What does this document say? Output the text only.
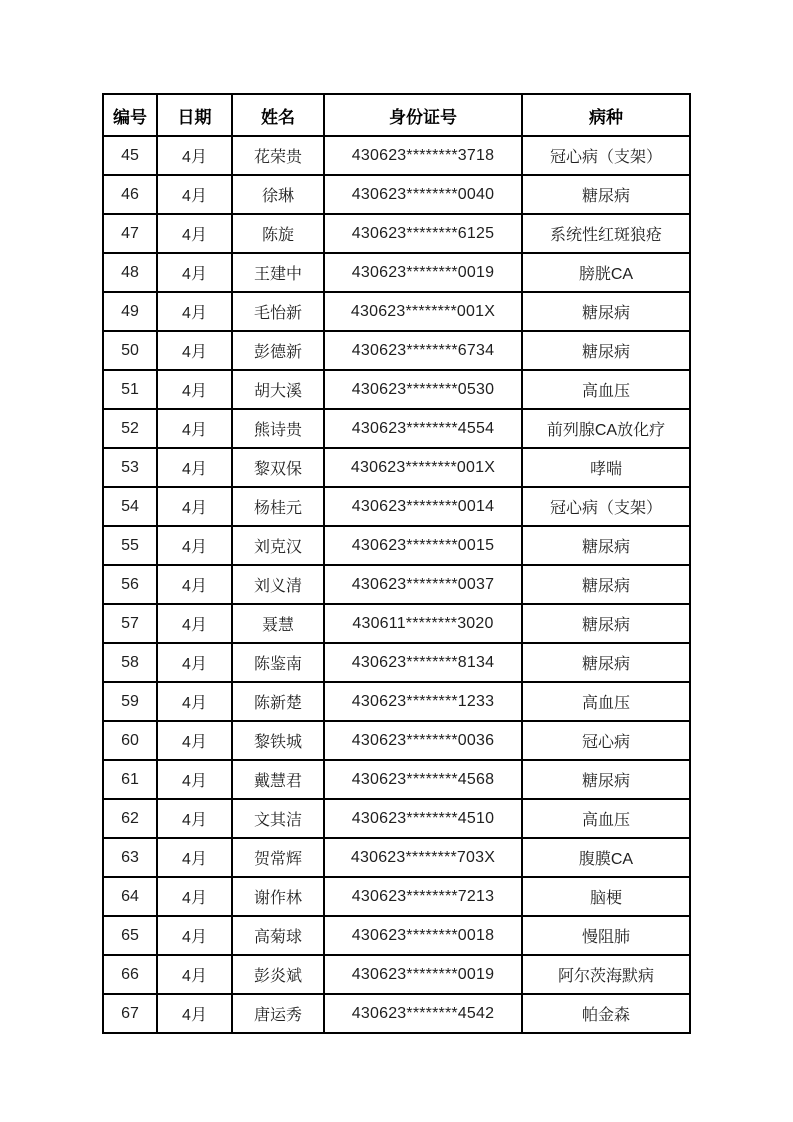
编号	日期	姓名	身份证号	病种
45	4月	花荣贵	430623********3718	冠心病（支架）
46	4月	徐琳	430623********0040	糖尿病
47	4月	陈旋	430623********6125	系统性红斑狼疮
48	4月	王建中	430623********0019	膀胱CA
49	4月	毛怡新	430623********001X	糖尿病
50	4月	彭德新	430623********6734	糖尿病
51	4月	胡大溪	430623********0530	高血压
52	4月	熊诗贵	430623********4554	前列腺CA放化疗
53	4月	黎双保	430623********001X	哮喘
54	4月	杨桂元	430623********0014	冠心病（支架）
55	4月	刘克汉	430623********0015	糖尿病
56	4月	刘义清	430623********0037	糖尿病
57	4月	聂慧	430611********3020	糖尿病
58	4月	陈鉴南	430623********8134	糖尿病
59	4月	陈新楚	430623********1233	高血压
60	4月	黎铁城	430623********0036	冠心病
61	4月	戴慧君	430623********4568	糖尿病
62	4月	文其洁	430623********4510	高血压
63	4月	贺常辉	430623********703X	腹膜CA
64	4月	谢作林	430623********7213	脑梗
65	4月	高菊球	430623********0018	慢阻肺
66	4月	彭炎斌	430623********0019	阿尔茨海默病
67	4月	唐运秀	430623********4542	帕金森
